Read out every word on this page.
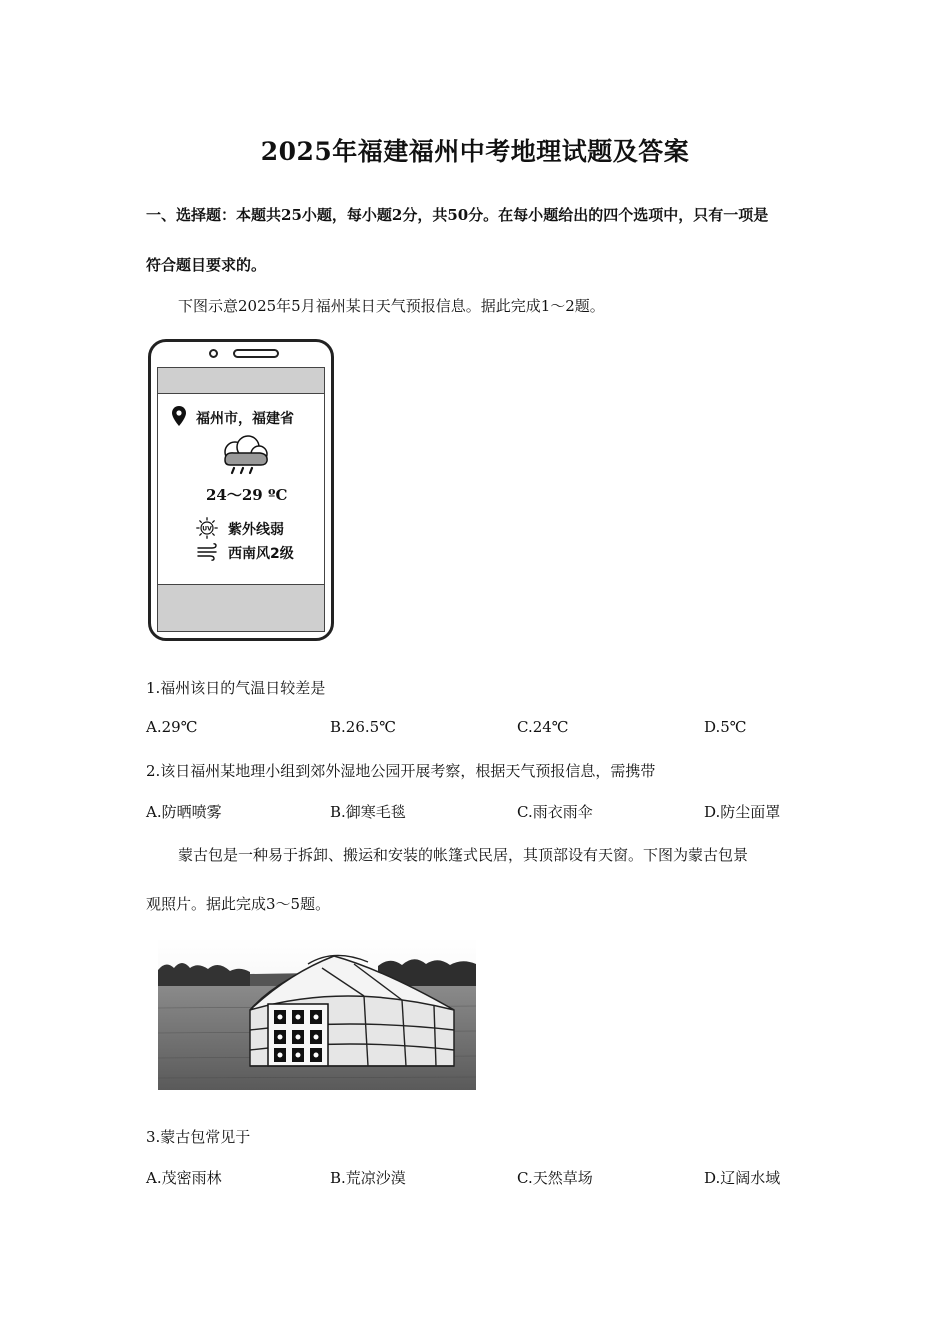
2025年福建福州中考地理试题及答案
一、选择题：本题共25小题，每小题2分，共50分。在每小题给出的四个选项中，只有一项是
符合题目要求的。
下图示意2025年5月福州某日天气预报信息。据此完成1～2题。
福州市，福建省
24～29 ºC
UV 紫外线弱
西南风2级
1.福州该日的气温日较差是
A.29℃	B.26.5℃	C.24℃	D.5℃
2.该日福州某地理小组到郊外湿地公园开展考察，根据天气预报信息，需携带
A.防晒喷雾	B.御寒毛毯	C.雨衣雨伞	D.防尘面罩
蒙古包是一种易于拆卸、搬运和安装的帐篷式民居，其顶部设有天窗。下图为蒙古包景
观照片。据此完成3～5题。
3.蒙古包常见于
A.茂密雨林	B.荒凉沙漠	C.天然草场	D.辽阔水域
